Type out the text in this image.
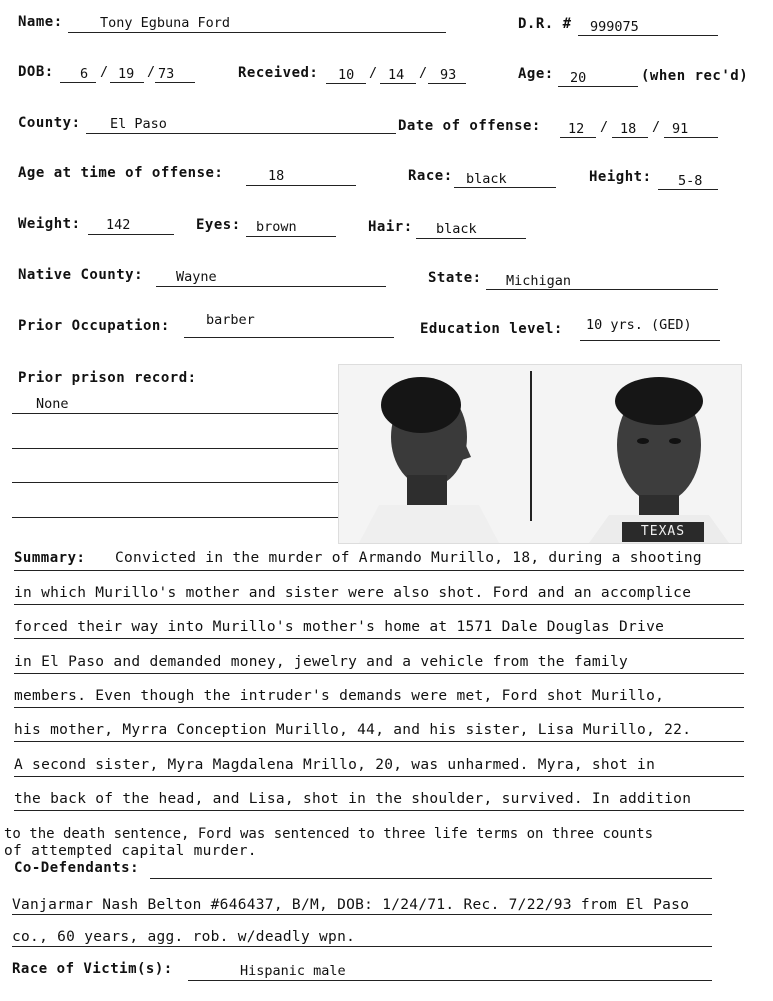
Name:	Tony Egbuna Ford	D.R. # 999075
DOB: 6 / 19 / 73	Received: 10 / 14 / 93	Age: 20	(when rec'd)
County: El Paso	Date of offense: 12 / 18 / 91
Age at time of offense:	18	Race: black	Height: 5-8
Weight: 142	Eyes: brown	Hair: black
Native County: Wayne	State: Michigan
Prior Occupation:	barber
Education level: 10 yrs. (GED)
Prior prison record:
None
TEXAS
Summary: Convicted in the murder of Armando Murillo, 18, during a shooting
in which Murillo's mother and sister were also shot. Ford and an accomplice
forced their way into Murillo's mother's home at 1571 Dale Douglas Drive
in El Paso and demanded money, jewelry and a vehicle from the family
members. Even though the intruder's demands were met, Ford shot Murillo,
his mother, Myrra Conception Murillo, 44, and his sister, Lisa Murillo, 22.
A second sister, Myra Magdalena Mrillo, 20, was unharmed. Myra, shot in
the back of the head, and Lisa, shot in the shoulder, survived. In addition
to the death sentence, Ford was sentenced to three life terms on three counts
of attempted capital murder.
Co-Defendants:
Vanjarmar Nash Belton #646437, B/M, DOB: 1/24/71. Rec. 7/22/93 from El Paso
co., 60 years, agg. rob. w/deadly wpn.
Race of Victim(s):	Hispanic male
